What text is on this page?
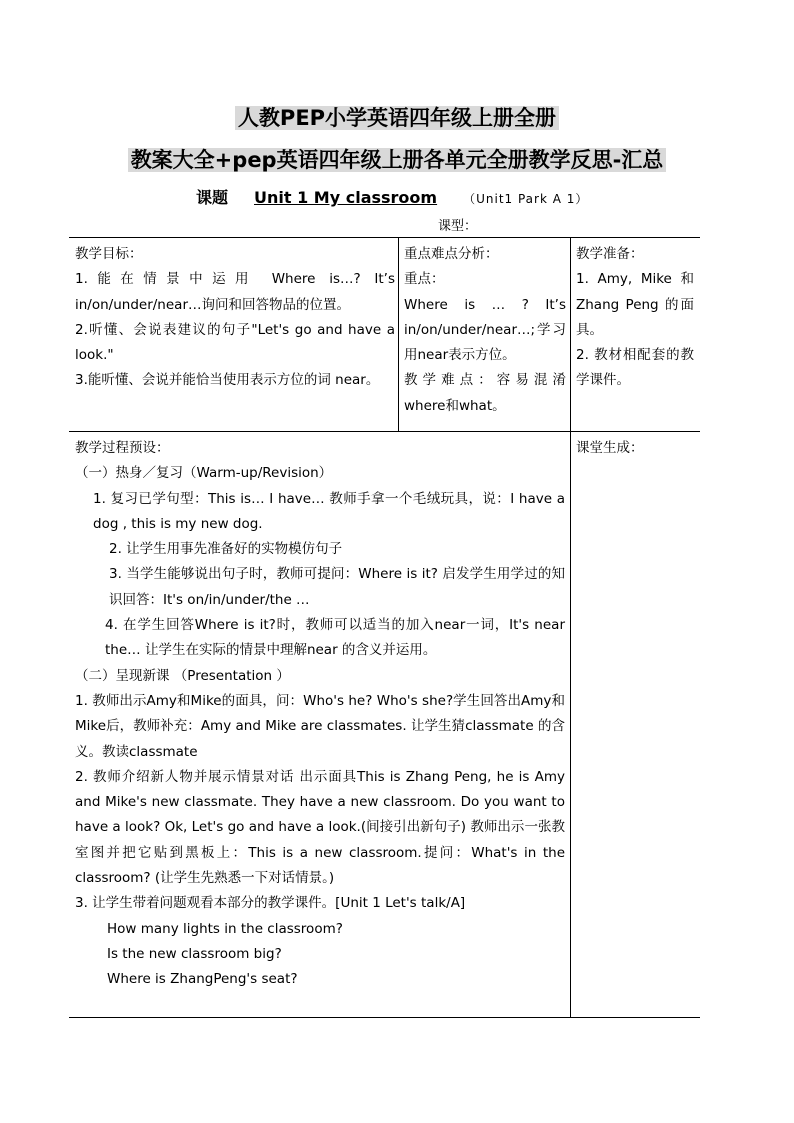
人教PEP小学英语四年级上册全册
教案大全+pep英语四年级上册各单元全册教学反思-汇总
课题 Unit 1 My classroom （Unit1 Park A 1）
课型：

教学目标：

1.能在情景中运用 Where is…? It’s in/on/under/near…询问和回答物品的位置。

2.听懂、会说表建议的句子"Let's go and have a look."

3.能听懂、会说并能恰当使用表示方位的词 near。

重点难点分析：

重点：

Where is … ? It’s in/on/under/near…;学习用near表示方位。

教学难点：容易混淆 where和what。

教学准备：

1. Amy, Mike 和 Zhang Peng 的面具。

2. 教材相配套的教学课件。

教学过程预设：

（一）热身／复习（Warm-up/Revision）

1. 复习已学句型：This is… I have… 教师手拿一个毛绒玩具，说：I have a dog , this is my new dog.

2. 让学生用事先准备好的实物模仿句子

3. 当学生能够说出句子时，教师可提问：Where is it? 启发学生用学过的知识回答：It's on/in/under/the …

4. 在学生回答Where is it?时，教师可以适当的加入near一词，It's near the… 让学生在实际的情景中理解near 的含义并运用。

（二）呈现新课 （Presentation ）

1. 教师出示Amy和Mike的面具，问：Who's he? Who's she?学生回答出Amy和Mike后，教师补充：Amy and Mike are classmates. 让学生猜classmate 的含义。教读classmate

2. 教师介绍新人物并展示情景对话 出示面具This is Zhang Peng, he is Amy and Mike's new classmate. They have a new classroom. Do you want to have a look? Ok, Let's go and have a look.(间接引出新句子) 教师出示一张教室图并把它贴到黑板上：This is a new classroom.提问：What's in the classroom? (让学生先熟悉一下对话情景。)

3. 让学生带着问题观看本部分的教学课件。[Unit 1 Let's talk/A]

How many lights in the classroom?

Is the new classroom big?

Where is ZhangPeng's seat?

课堂生成：
